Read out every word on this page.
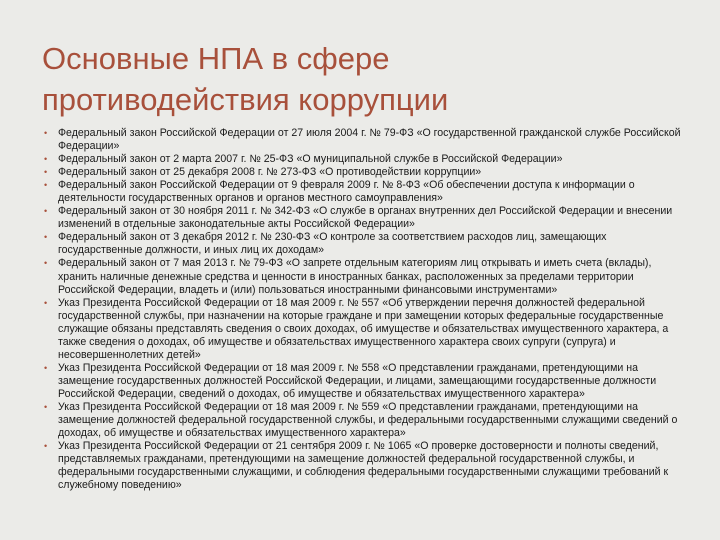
Основные НПА в сфере
противодействия коррупции
• Федеральный закон Российской Федерации от 27 июля 2004 г. № 79-ФЗ «О государственной гражданской службе Российской Федерации»
• Федеральный закон от 2 марта 2007 г. № 25-ФЗ «О муниципальной службе в Российской Федерации»
• Федеральный закон от 25 декабря 2008 г. № 273-ФЗ «О противодействии коррупции»
• Федеральный закон Российской Федерации от 9 февраля 2009 г. № 8-ФЗ «Об обеспечении доступа к информации о деятельности государственных органов и органов местного самоуправления»
• Федеральный закон от 30 ноября 2011 г. № 342-ФЗ «О службе в органах внутренних дел Российской Федерации и внесении изменений в отдельные законодательные акты Российской Федерации»
• Федеральный закон от 3 декабря 2012 г. № 230-ФЗ «О контроле за соответствием расходов лиц, замещающих государственные должности, и иных лиц их доходам»
• Федеральный закон от 7 мая 2013 г. № 79-ФЗ «О запрете отдельным категориям лиц открывать и иметь счета (вклады), хранить наличные денежные средства и ценности в иностранных банках, расположенных за пределами территории Российской Федерации, владеть и (или) пользоваться иностранными финансовыми инструментами»
• Указ Президента Российской Федерации от 18 мая 2009 г. № 557 «Об утверждении перечня должностей федеральной государственной службы, при назначении на которые граждане и при замещении которых федеральные государственные служащие обязаны представлять сведения о своих доходах, об имуществе и обязательствах имущественного характера, а также сведения о доходах, об имуществе и обязательствах имущественного характера своих супруги (супруга) и несовершеннолетних детей»
• Указ Президента Российской Федерации от 18 мая 2009 г. № 558 «О представлении гражданами, претендующими на замещение государственных должностей Российской Федерации, и лицами, замещающими государственные должности Российской Федерации, сведений о доходах, об имуществе и обязательствах имущественного характера»
• Указ Президента Российской Федерации от 18 мая 2009 г. № 559 «О представлении гражданами, претендующими на замещение должностей федеральной государственной службы, и федеральными государственными служащими сведений о доходах, об имуществе и обязательствах имущественного характера»
• Указ Президента Российской Федерации от 21 сентября 2009 г. № 1065 «О проверке достоверности и полноты сведений, представляемых гражданами, претендующими на замещение должностей федеральной государственной службы, и федеральными государственными служащими, и соблюдения федеральными государственными служащими требований к служебному поведению»
